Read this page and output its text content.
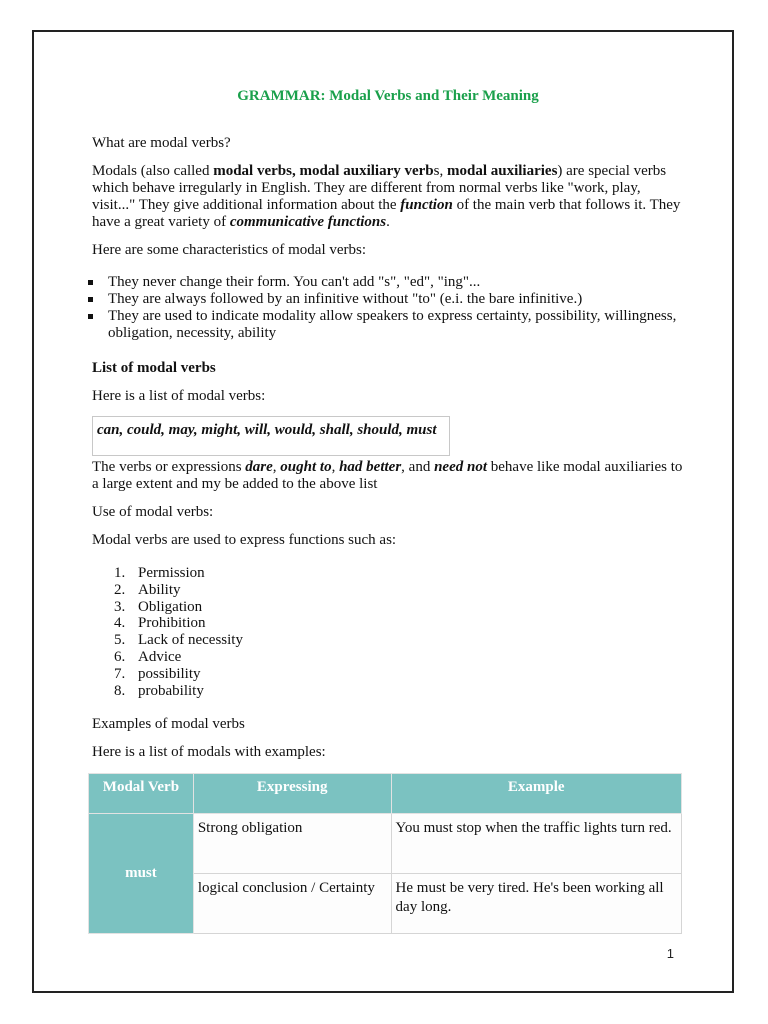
GRAMMAR: Modal Verbs and Their Meaning

What are modal verbs?

Modals (also called modal verbs, modal auxiliary verbs, modal auxiliaries) are special verbs which behave irregularly in English. They are different from normal verbs like "work, play, visit..." They give additional information about the function of the main verb that follows it. They have a great variety of communicative functions.

Here are some characteristics of modal verbs:

They never change their form. You can't add "s", "ed", "ing"...
They are always followed by an infinitive without "to" (e.i. the bare infinitive.)
They are used to indicate modality allow speakers to express certainty, possibility, willingness, obligation, necessity, ability

List of modal verbs

Here is a list of modal verbs:

can, could, may, might, will, would, shall, should, must

The verbs or expressions dare, ought to, had better, and need not behave like modal auxiliaries to a large extent and my be added to the above list

Use of modal verbs:

Modal verbs are used to express functions such as:

1. Permission
2. Ability
3. Obligation
4. Prohibition
5. Lack of necessity
6. Advice
7. possibility
8. probability

Examples of modal verbs

Here is a list of modals with examples:

Modal Verb	Expressing	Example
must	Strong obligation	You must stop when the traffic lights turn red.
	logical conclusion / Certainty	He must be very tired. He's been working all day long.
1
